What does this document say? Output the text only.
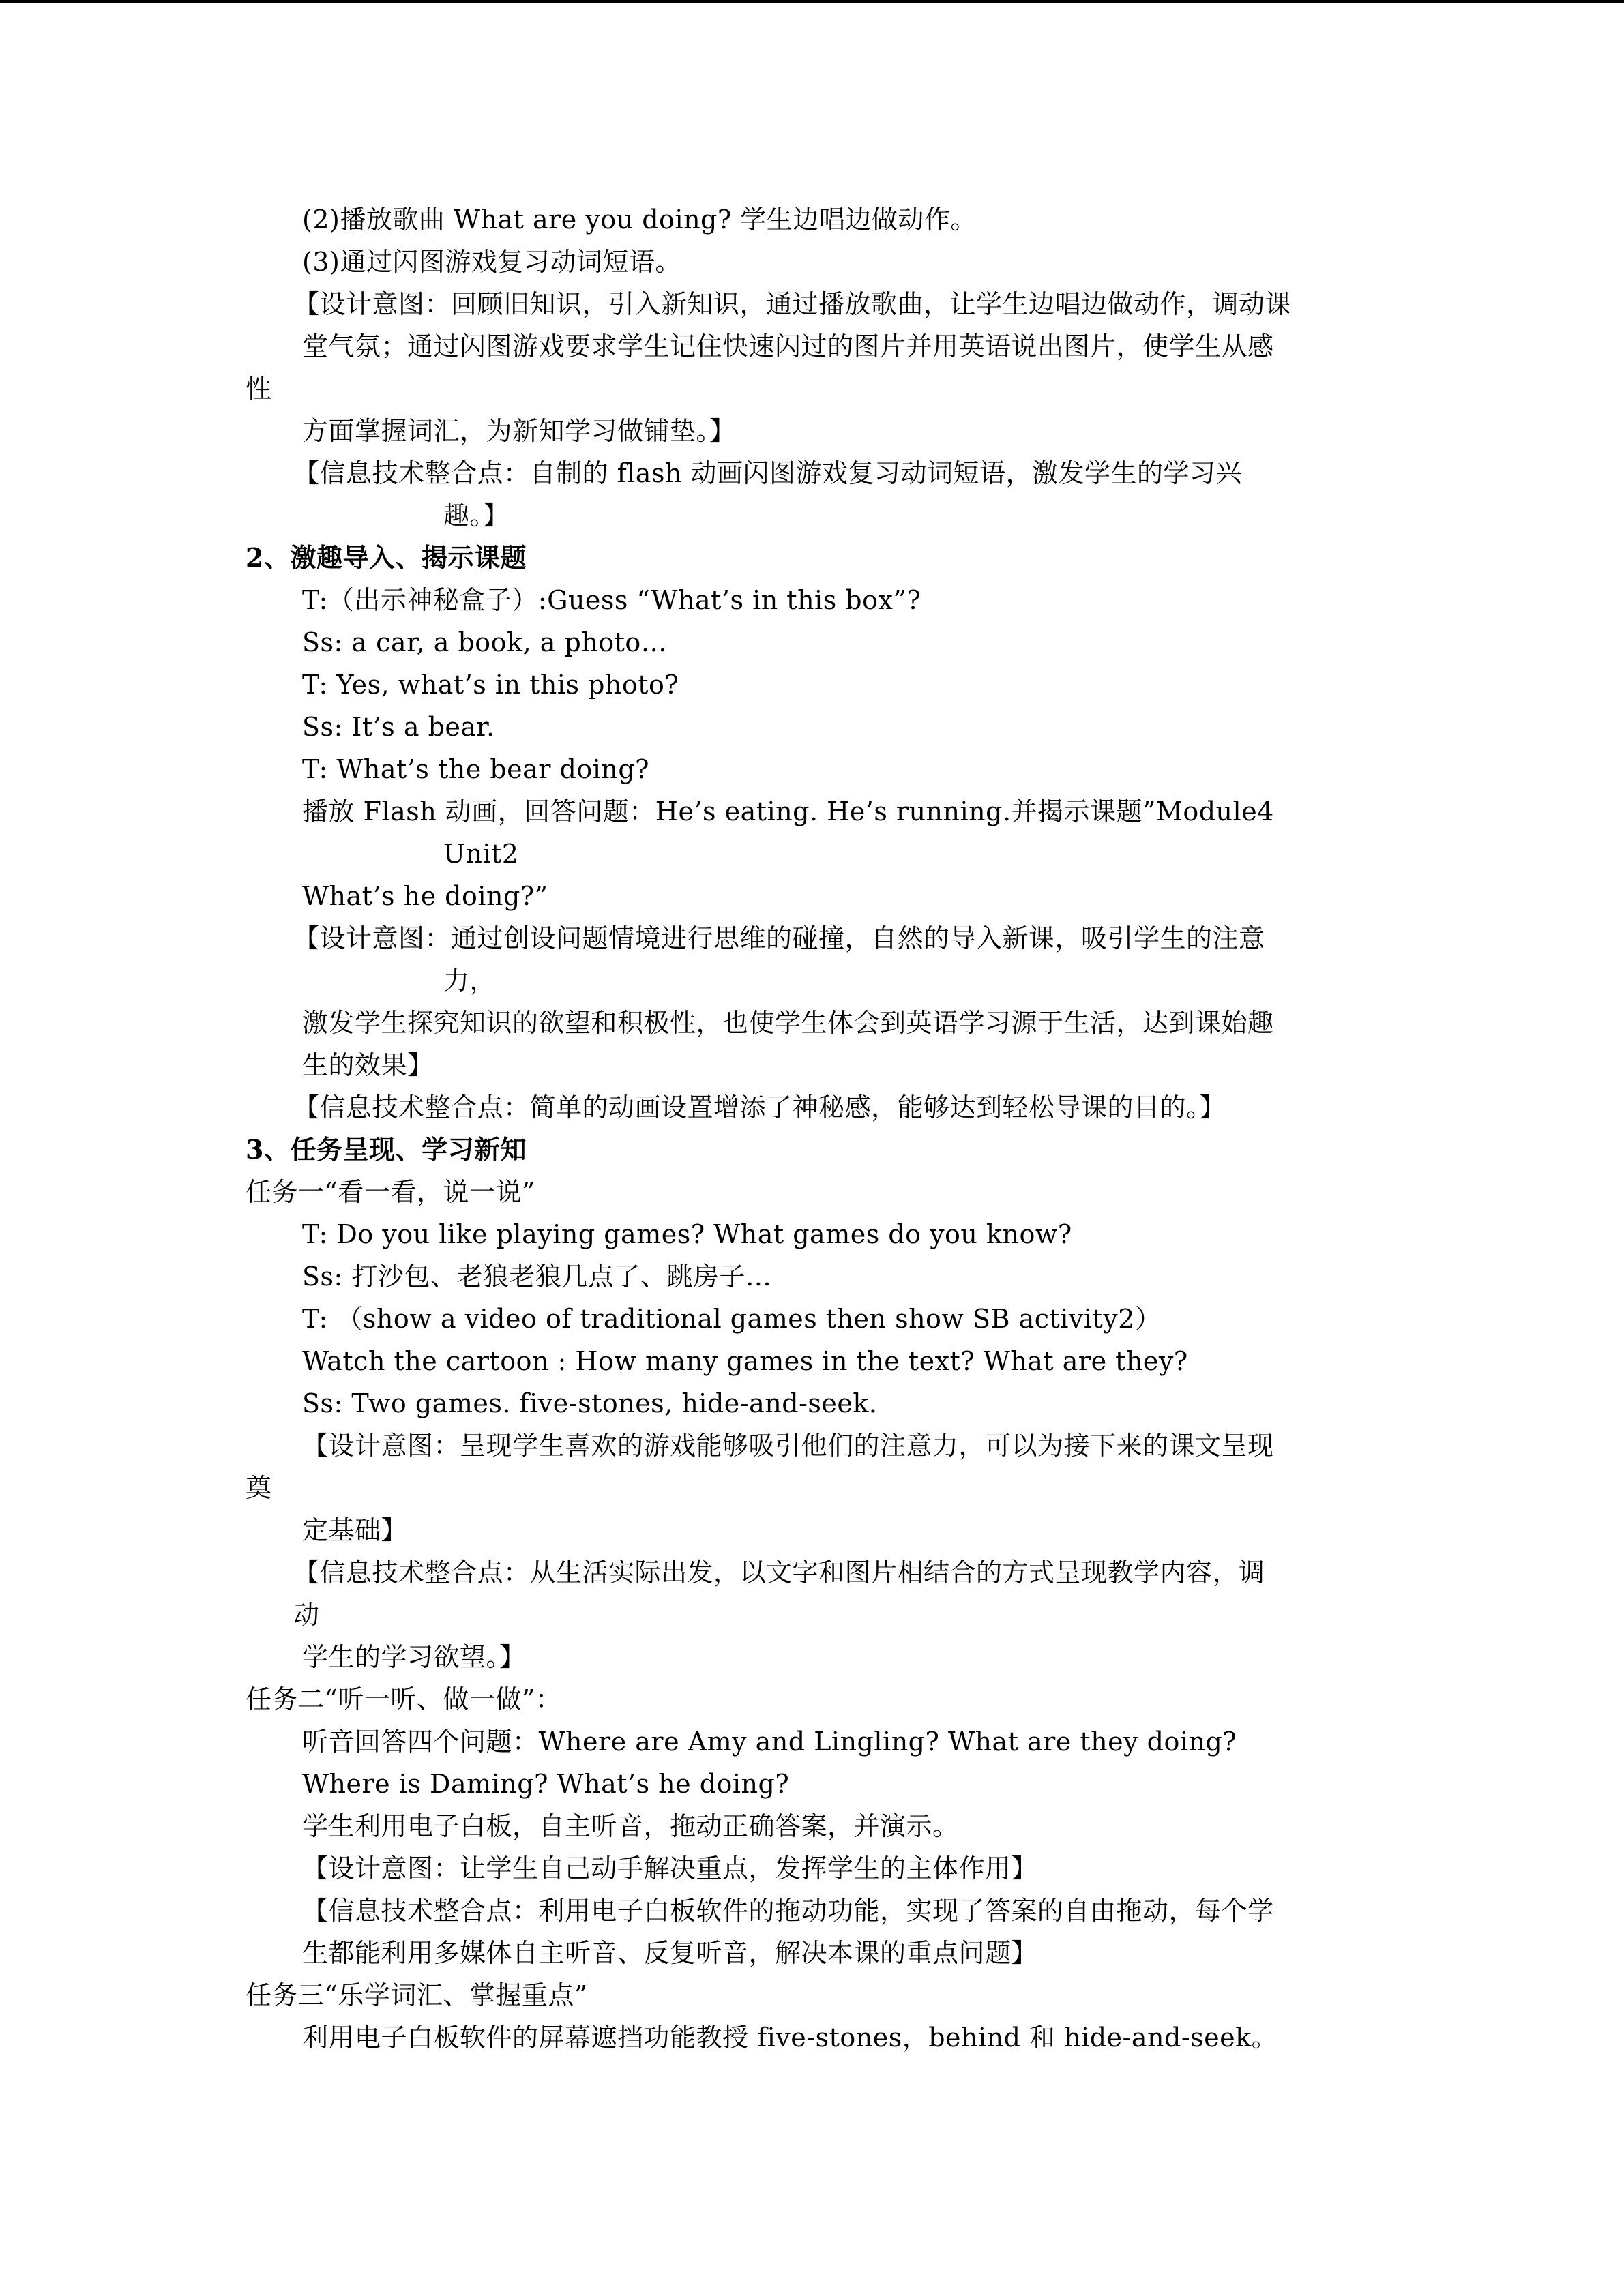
(2)播放歌曲 What are you doing? 学生边唱边做动作。
(3)通过闪图游戏复习动词短语。
【设计意图：回顾旧知识，引入新知识，通过播放歌曲，让学生边唱边做动作，调动课
堂气氛；通过闪图游戏要求学生记住快速闪过的图片并用英语说出图片，使学生从感
性
方面掌握词汇，为新知学习做铺垫。】
【信息技术整合点：自制的 flash 动画闪图游戏复习动词短语，激发学生的学习兴
趣。】
2、激趣导入、揭示课题
T:（出示神秘盒子）:Guess “What’s in this box”?
Ss: a car, a book, a photo…
T: Yes, what’s in this photo?
Ss: It’s a bear.
T: What’s the bear doing?
播放 Flash 动画，回答问题：He’s eating. He’s running.并揭示课题”Module4
Unit2
What’s he doing?”
【设计意图：通过创设问题情境进行思维的碰撞，自然的导入新课，吸引学生的注意
力，
激发学生探究知识的欲望和积极性，也使学生体会到英语学习源于生活，达到课始趣
生的效果】
【信息技术整合点：简单的动画设置增添了神秘感，能够达到轻松导课的目的。】
3、任务呈现、学习新知
任务一“看一看，说一说”
T: Do you like playing games? What games do you know?
Ss: 打沙包、老狼老狼几点了、跳房子…
T: （show a video of traditional games then show SB activity2）
Watch the cartoon : How many games in the text? What are they?
Ss: Two games. five-stones, hide-and-seek.
【设计意图：呈现学生喜欢的游戏能够吸引他们的注意力，可以为接下来的课文呈现
奠
定基础】
【信息技术整合点：从生活实际出发，以文字和图片相结合的方式呈现教学内容，调
动
学生的学习欲望。】
任务二“听一听、做一做”：
听音回答四个问题：Where are Amy and Lingling? What are they doing?
Where is Daming? What’s he doing?
学生利用电子白板，自主听音，拖动正确答案，并演示。
【设计意图：让学生自己动手解决重点，发挥学生的主体作用】
【信息技术整合点：利用电子白板软件的拖动功能，实现了答案的自由拖动，每个学
生都能利用多媒体自主听音、反复听音，解决本课的重点问题】
任务三“乐学词汇、掌握重点”
利用电子白板软件的屏幕遮挡功能教授 five-stones，behind 和 hide-and-seek。
